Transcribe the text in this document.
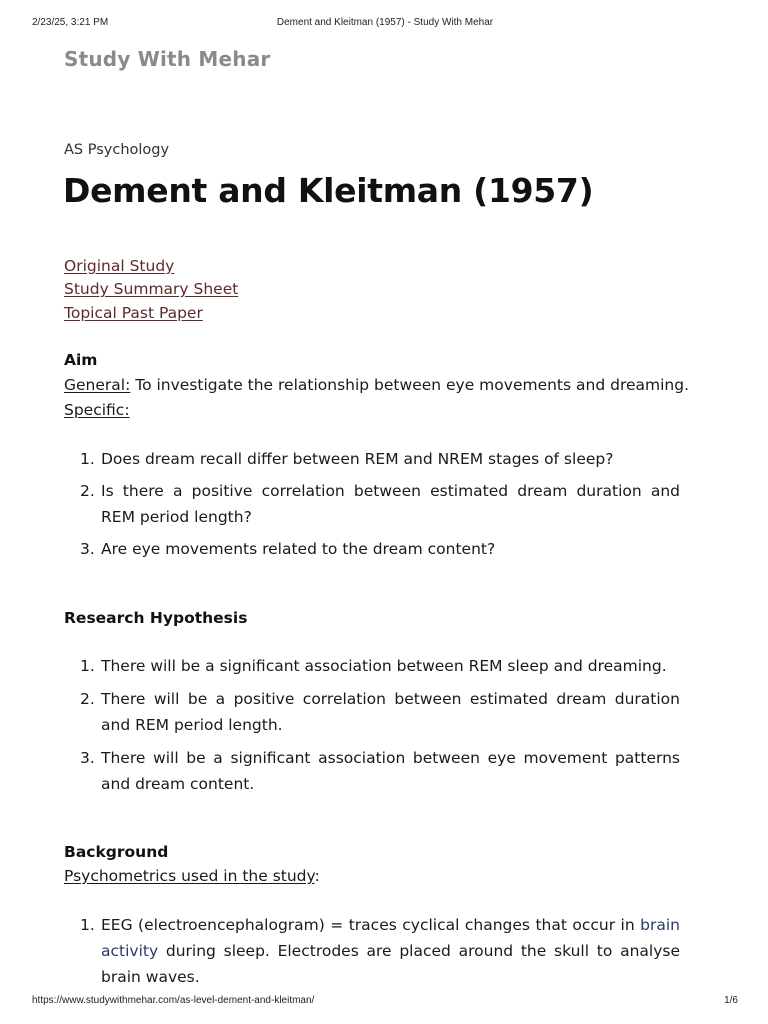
2/23/25, 3:21 PM	Dement and Kleitman (1957) - Study With Mehar
Study With Mehar
AS Psychology
Dement and Kleitman (1957)
Original Study
Study Summary Sheet
Topical Past Paper
Aim
General: To investigate the relationship between eye movements and dreaming.
Specific:
1. Does dream recall differ between REM and NREM stages of sleep?
2. Is there a positive correlation between estimated dream duration and REM period length?
3. Are eye movements related to the dream content?
Research Hypothesis
1. There will be a significant association between REM sleep and dreaming.
2. There will be a positive correlation between estimated dream duration and REM period length.
3. There will be a significant association between eye movement patterns and dream content.
Background
Psychometrics used in the study:
1. EEG (electroencephalogram) = traces cyclical changes that occur in brain activity during sleep. Electrodes are placed around the skull to analyse brain waves.
https://www.studywithmehar.com/as-level-dement-and-kleitman/	1/6
